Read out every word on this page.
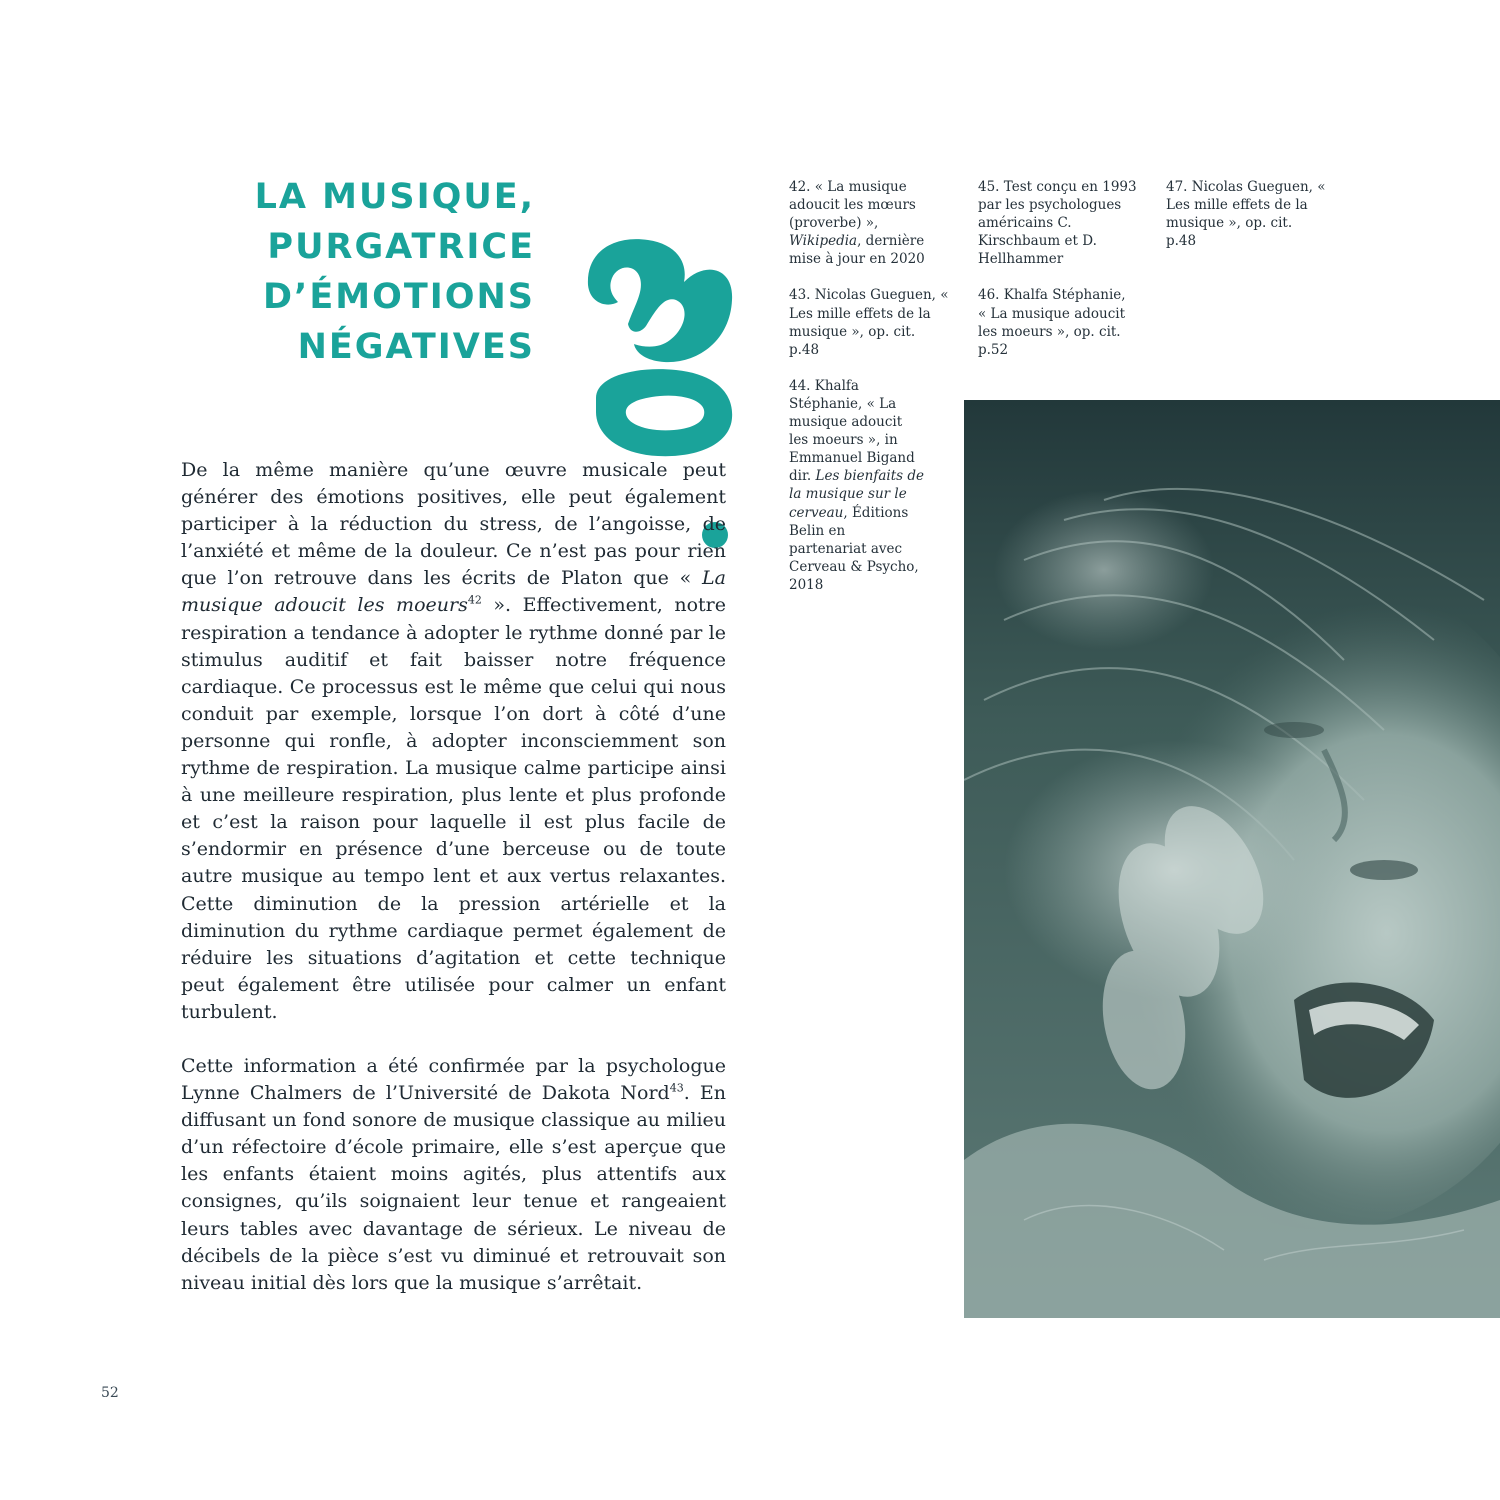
LA MUSIQUE,
PURGATRICE
D’ÉMOTIONS
NÉGATIVES

De la même manière qu’une œuvre musicale peut générer des émotions positives, elle peut également participer à la réduction du stress, de l’angoisse, de l’anxiété et même de la douleur. Ce n’est pas pour rien que l’on retrouve dans les écrits de Platon que « La musique adoucit les moeurs$^{42}$ ». Effectivement, notre respiration a tendance à adopter le rythme donné par le stimulus auditif et fait baisser notre fréquence cardiaque. Ce processus est le même que celui qui nous conduit par exemple, lorsque l’on dort à côté d’une personne qui ronfle, à adopter inconsciemment son rythme de respiration. La musique calme participe ainsi à une meilleure respiration, plus lente et plus profonde et c’est la raison pour laquelle il est plus facile de s’endormir en présence d’une berceuse ou de toute autre musique au tempo lent et aux vertus relaxantes. Cette diminution de la pression artérielle et la diminution du rythme cardiaque permet également de réduire les situations d’agitation et cette technique peut également être utilisée pour calmer un enfant turbulent.

Cette information a été confirmée par la psychologue Lynne Chalmers de l’Université de Dakota Nord$^{43}$. En diffusant un fond sonore de musique classique au milieu d’un réfectoire d’école primaire, elle s’est aperçue que les enfants étaient moins agités, plus attentifs aux consignes, qu’ils soignaient leur tenue et rangeaient leurs tables avec davantage de sérieux. Le niveau de décibels de la pièce s’est vu diminué et retrouvait son niveau initial dès lors que la musique s’arrêtait.

42. « La musique adoucit les mœurs (proverbe) », Wikipedia, dernière mise à jour en 2020

43. Nicolas Gueguen, « Les mille effets de la musique », op. cit. p.48

44. Khalfa Stéphanie, « La musique adoucit les moeurs », in Emmanuel Bigand dir. Les bienfaits de la musique sur le cerveau, Éditions Belin en partenariat avec Cerveau & Psycho, 2018

45. Test conçu en 1993 par les psychologues américains C. Kirschbaum et D. Hellhammer

46. Khalfa Stéphanie, « La musique adoucit les moeurs », op. cit. p.52

47. Nicolas Gueguen, « Les mille effets de la musique », op. cit. p.48

52
